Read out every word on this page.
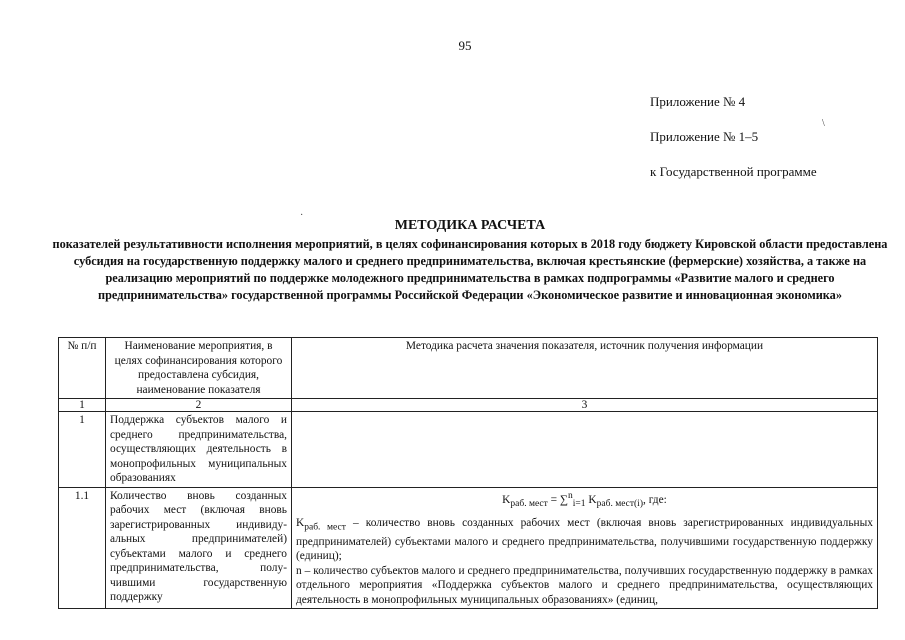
95
Приложение № 4
Приложение № 1–5
к Государственной программе
МЕТОДИКА РАСЧЕТА
показателей результативности исполнения мероприятий, в целях софинансирования которых в 2018 году бюджету Кировской области предоставлена субсидия на государственную поддержку малого и среднего предпринимательства, включая крестьянские (фермерские) хозяйства, а также на реализацию мероприятий по поддержке молодежного предпринимательства в рамках подпрограммы «Развитие малого и среднего предпринимательства» государственной программы Российской Федерации «Экономическое развитие и инновационная экономика»
№ п/п	Наименование мероприятия, в целях софинансирования которого предоставлена субсидия, наименование показателя	Методика расчета значения показателя, источник получения информации
1	2	3
1	Поддержка субъектов малого и среднего предпринимательства, осуществляющих деятельность в монопрофильных муниципальных образованиях	
1.1	Количество вновь созданных рабочих мест (включая вновь зарегистрированных индивидуальных предпринимателей) субъектами малого и среднего предпринимательства, получившими государственную поддержку	$K_{раб. мест} = \sum^n_{i=1}$ $K_{раб. мест(i)}$, где:

$K_{раб. мест}$ – количество вновь созданных рабочих мест (включая вновь зарегистрированных индивидуальных предпринимателей) субъектами малого и среднего предпринимательства, получившими государственную поддержку (единиц);

n – количество субъектов малого и среднего предпринимательства, получивших государственную поддержку в рамках отдельного мероприятия «Поддержка субъектов малого и среднего предпринимательства, осуществляющих деятельность в монопрофильных муниципальных образованиях» (единиц,

\
·
